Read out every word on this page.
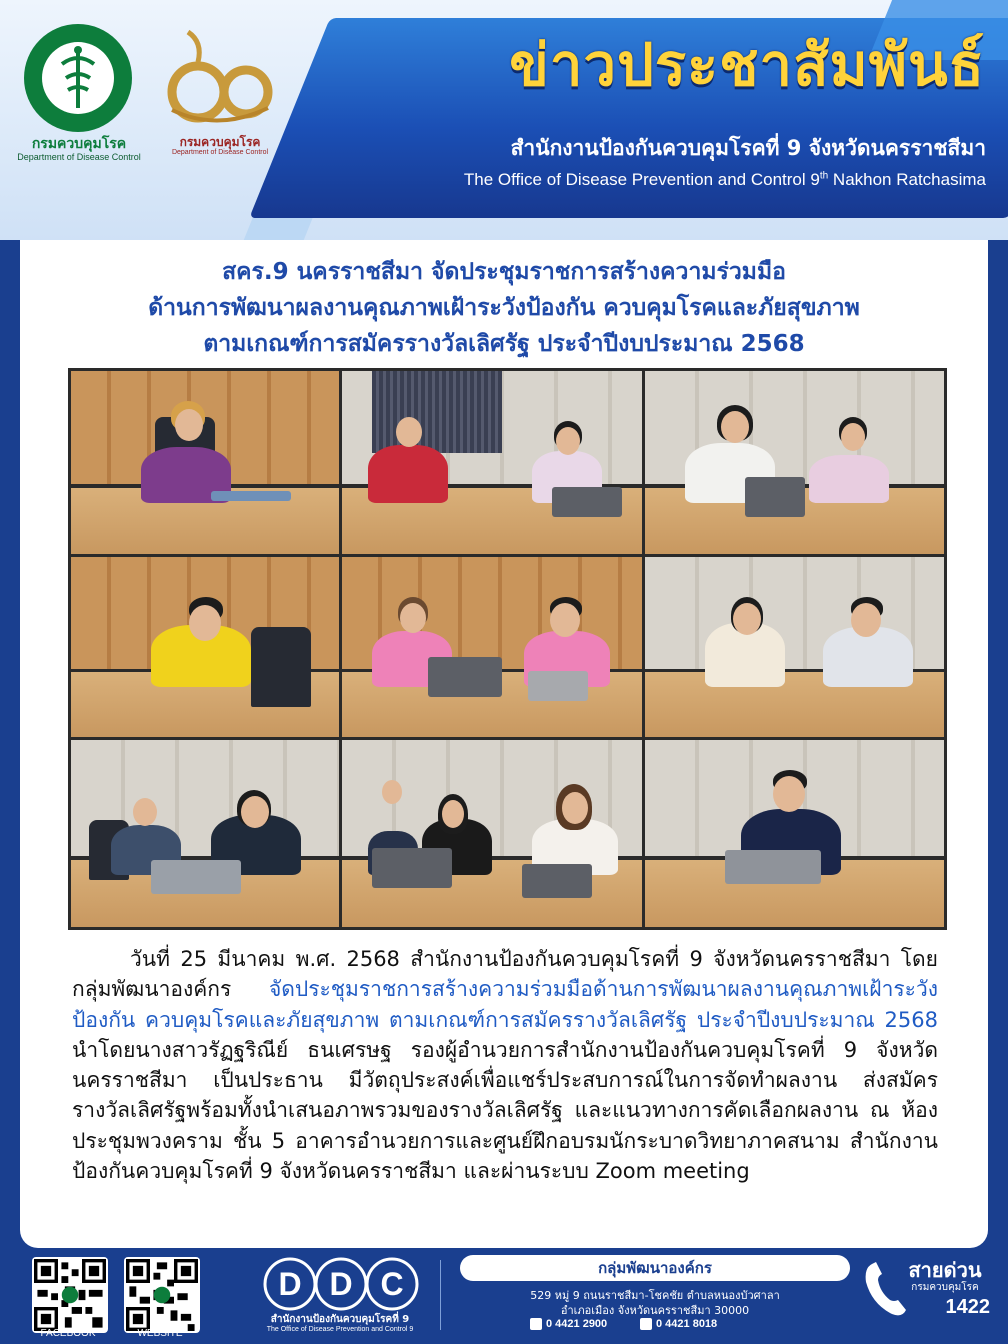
กรมควบคุมโรค
Department of Disease Control
กรมควบคุมโรค
Department of Disease Control
ข่าวประชาสัมพันธ์
สำนักงานป้องกันควบคุมโรคที่ 9 จังหวัดนครราชสีมา
The Office of Disease Prevention and Control 9th Nakhon Ratchasima
สคร.9 นครราชสีมา จัดประชุมราชการสร้างความร่วมมือ
ด้านการพัฒนาผลงานคุณภาพเฝ้าระวังป้องกัน ควบคุมโรคและภัยสุขภาพ
ตามเกณฑ์การสมัครรางวัลเลิศรัฐ ประจำปีงบประมาณ 2568
วันที่ 25 มีนาคม พ.ศ. 2568 สำนักงานป้องกันควบคุมโรคที่ 9 จังหวัดนครราชสีมา โดยกลุ่มพัฒนาองค์กร จัดประชุมราชการสร้างความร่วมมือด้านการพัฒนาผลงานคุณภาพเฝ้าระวังป้องกัน ควบคุมโรคและภัยสุขภาพ ตามเกณฑ์การสมัครรางวัลเลิศรัฐ ประจำปีงบประมาณ 2568 นำโดยนางสาวรัฏฐริณีย์ ธนเศรษฐ รองผู้อำนวยการสำนักงานป้องกันควบคุมโรคที่ 9 จังหวัดนครราชสีมา เป็นประธาน มีวัตถุประสงค์เพื่อแชร์ประสบการณ์ในการจัดทำผลงาน ส่งสมัครรางวัลเลิศรัฐพร้อมทั้งนำเสนอภาพรวมของรางวัลเลิศรัฐ และแนวทางการคัดเลือกผลงาน ณ ห้องประชุมพวงคราม ชั้น 5 อาคารอำนวยการและศูนย์ฝึกอบรมนักระบาดวิทยาภาคสนาม สำนักงานป้องกันควบคุมโรคที่ 9 จังหวัดนครราชสีมา และผ่านระบบ Zoom meeting
FACEBOOK	WEBSITE
D D C
สำนักงานป้องกันควบคุมโรคที่ 9
The Office of Disease Prevention and Control 9
กลุ่มพัฒนาองค์กร
529 หมู่ 9 ถนนราชสีมา-โชคชัย ตำบลหนองบัวศาลา
อำเภอเมือง จังหวัดนครราชสีมา 30000
0 4421 2900	0 4421 8018
สายด่วน
กรมควบคุมโรค
1422
